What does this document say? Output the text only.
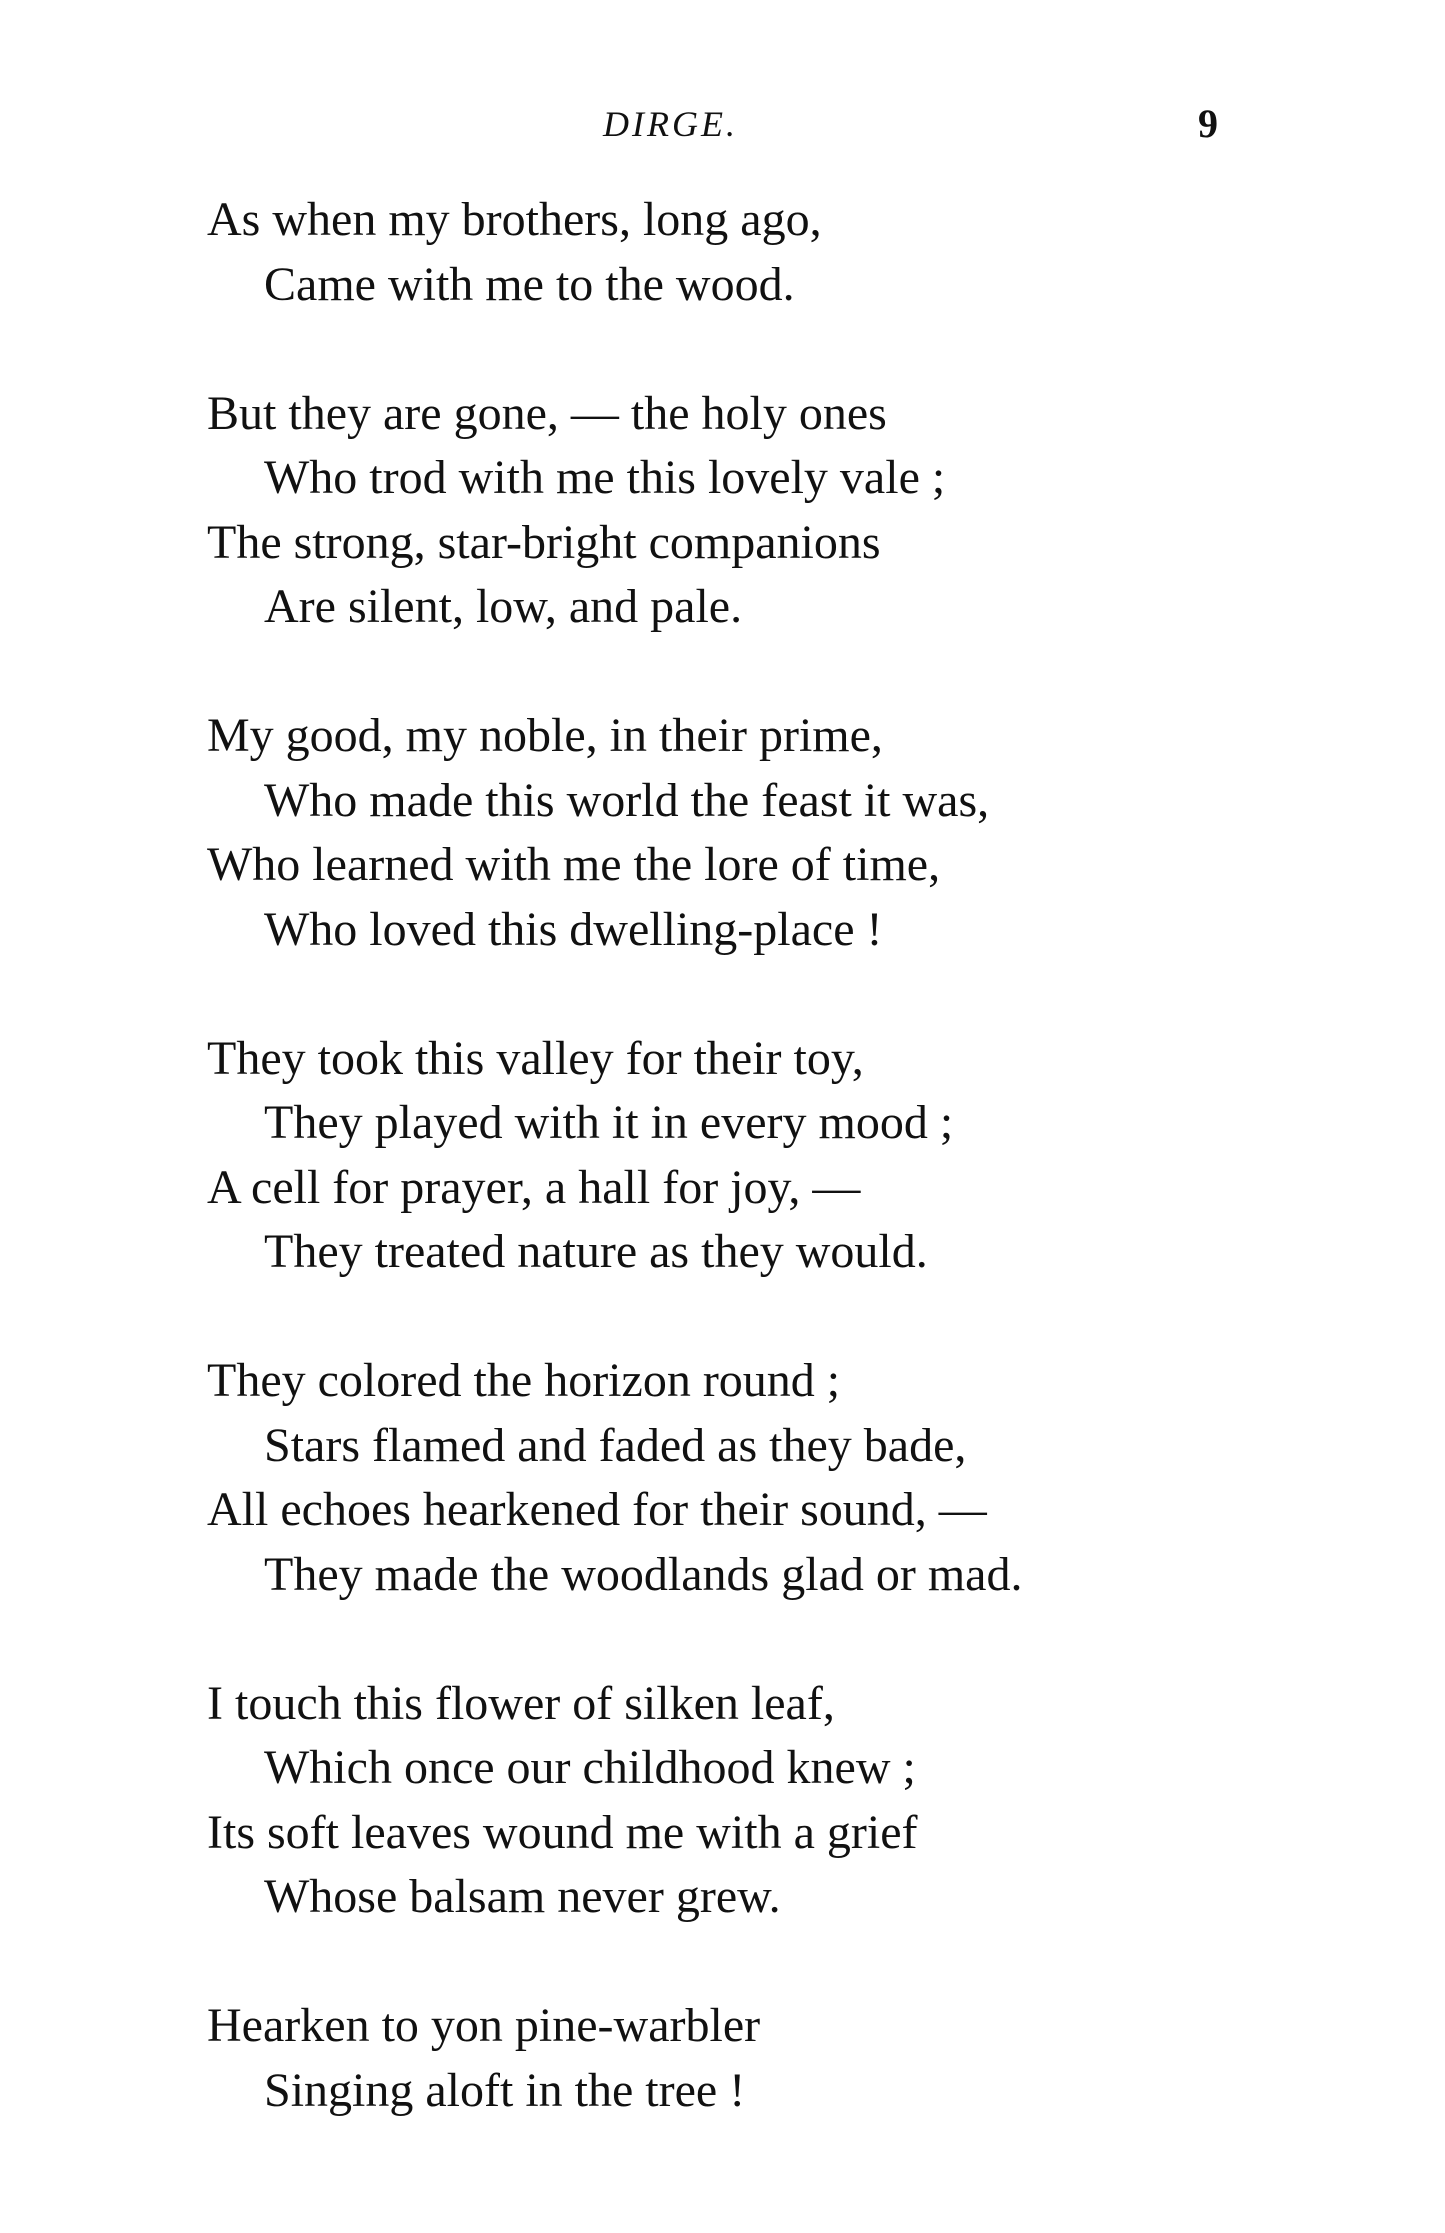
DIRGE.	9
As when my brothers, long ago,
Came with me to the wood.
But they are gone, — the holy ones
Who trod with me this lovely vale ;
The strong, star-bright companions
Are silent, low, and pale.
My good, my noble, in their prime,
Who made this world the feast it was,
Who learned with me the lore of time,
Who loved this dwelling-place !
They took this valley for their toy,
They played with it in every mood ;
A cell for prayer, a hall for joy, —
They treated nature as they would.
They colored the horizon round ;
Stars flamed and faded as they bade,
All echoes hearkened for their sound, —
They made the woodlands glad or mad.
I touch this flower of silken leaf,
Which once our childhood knew ;
Its soft leaves wound me with a grief
Whose balsam never grew.
Hearken to yon pine-warbler
Singing aloft in the tree !
